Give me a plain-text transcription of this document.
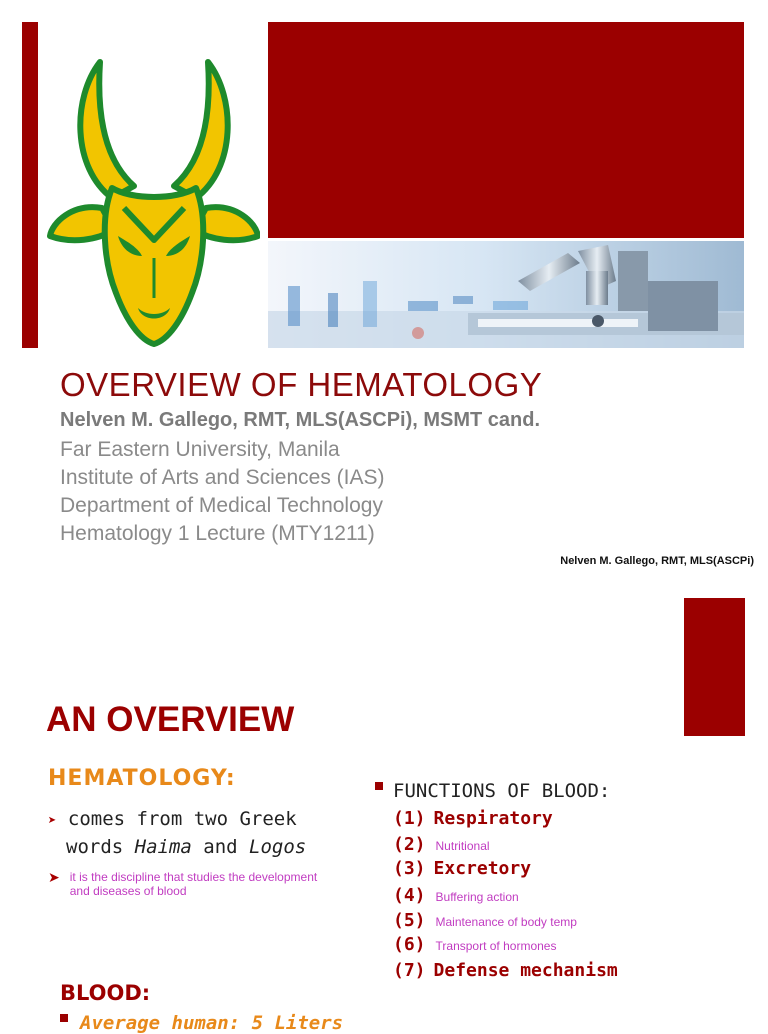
OVERVIEW OF HEMATOLOGY
Nelven M. Gallego, RMT, MLS(ASCPi), MSMT cand.
Far Eastern University, Manila
Institute of Arts and Sciences (IAS)
Department of Medical Technology
Hematology 1 Lecture (MTY1211)
Nelven M. Gallego, RMT, MLS(ASCPi)
AN OVERVIEW
HEMATOLOGY:
➤ comes from two Greek
words Haima and Logos
➤ it is the discipline that studies the development
and diseases of blood
BLOOD:
Average human: 5 Liters
FUNCTIONS OF BLOOD:
(1) Respiratory
(2) Nutritional
(3) Excretory
(4) Buffering action
(5) Maintenance of body temp
(6) Transport of hormones
(7) Defense mechanism
